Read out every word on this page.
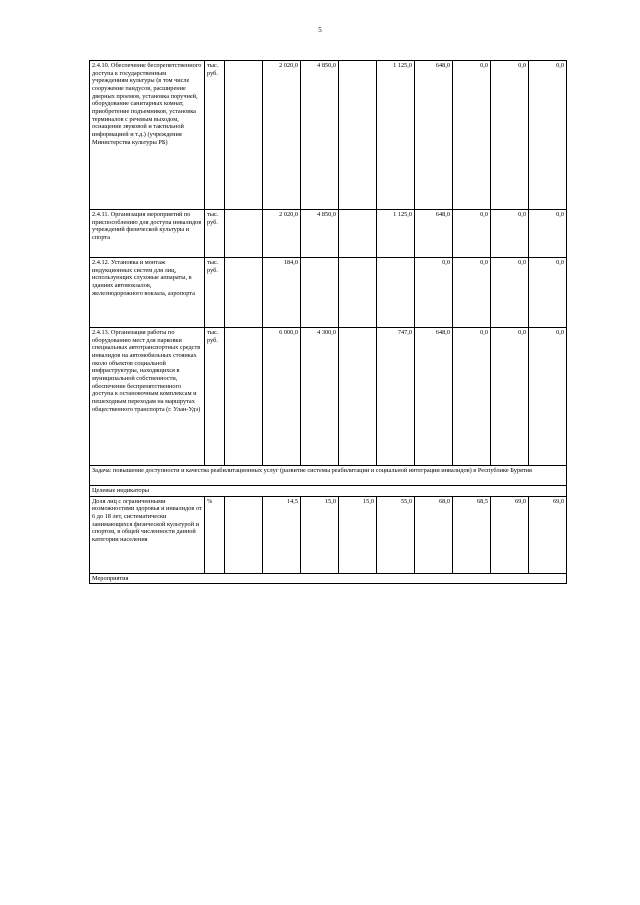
5
2.4.10. Обеспечение беспрепятственного доступа к государственным учреждениям культуры (в том числе сооружение пандусов, расширение дверных проемов, установка поручней, оборудование санитарных комнат, приобретение подъемников, установка терминалов с речевым выходом, оснащение звуковой и тактильной информацией и т.д.) (учреждения Министерства культуры РБ)	тыс. руб.		2 020,0	4 850,0		1 125,0	648,0	0,0	0,0	0,0
2.4.11. Организация мероприятий по приспособлению для доступа инвалидов учреждений физической культуры и спорта	тыс. руб.		2 020,0	4 850,0		1 125,0	648,0	0,0	0,0	0,0
2.4.12. Установка и монтаж индукционных систем для лиц, использующих слуховые аппараты, в зданиях автовокзалов, железнодорожного вокзала, аэропорта	тыс. руб.		184,0				0,0	0,0	0,0	0,0
2.4.13. Организация работы по оборудованию мест для парковки специальных автотранспортных средств инвалидов на автомобильных стоянках около объектов социальной инфраструктуры, находящихся в муниципальной собственности, обеспечение беспрепятственного доступа к остановочным комплексам и пешеходным переходам на маршрутах общественного транспорта (г. Улан-Удэ)	тыс. руб.		6 000,0	4 300,0		747,0	648,0	0,0	0,0	0,0
Задача: повышение доступности и качества реабилитационных услуг (развитие системы реабилитации и социальной интеграции инвалидов) в Республике Бурятия										
Целевые индикаторы										
Доля лиц с ограниченными возможностями здоровья и инвалидов от 6 до 18 лет, систематически занимающихся физической культурой и спортом, в общей численности данной категории населения	%		14,5	15,0	15,0	55,0	68,0	68,5	69,0	69,0
Мероприятия										
